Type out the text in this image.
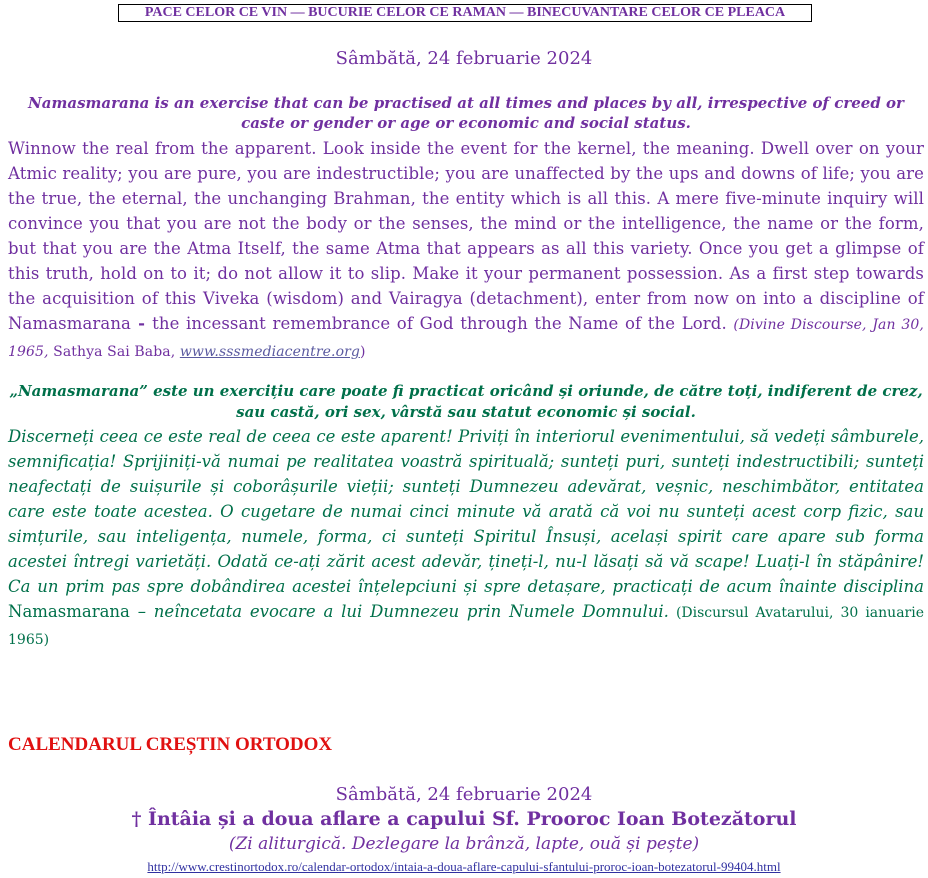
PACE CELOR CE VIN — BUCURIE CELOR CE RAMAN — BINECUVANTARE CELOR CE PLEACA
Sâmbătă, 24 februarie 2024
Namasmarana is an exercise that can be practised at all times and places by all, irrespective of creed or caste or gender or age or economic and social status.
Winnow the real from the apparent. Look inside the event for the kernel, the meaning. Dwell over on your Atmic reality; you are pure, you are indestructible; you are unaffected by the ups and downs of life; you are the true, the eternal, the unchanging Brahman, the entity which is all this. A mere five-minute inquiry will convince you that you are not the body or the senses, the mind or the intelligence, the name or the form, but that you are the Atma Itself, the same Atma that appears as all this variety. Once you get a glimpse of this truth, hold on to it; do not allow it to slip. Make it your permanent possession. As a first step towards the acquisition of this Viveka (wisdom) and Vairagya (detachment), enter from now on into a discipline of Namasmarana - the incessant remembrance of God through the Name of the Lord. (Divine Discourse, Jan 30, 1965, Sathya Sai Baba, www.sssmediacentre.org)
„Namasmarana” este un exercițiu care poate fi practicat oricând și oriunde, de către toți, indiferent de crez, sau castă, ori sex, vârstă sau statut economic și social.
Discerneți ceea ce este real de ceea ce este aparent! Priviți în interiorul evenimentului, să vedeți sâmburele, semnificația! Sprijiniți-vă numai pe realitatea voastră spirituală; sunteți puri, sunteți indestructibili; sunteți neafectați de suișurile și coborâșurile vieții; sunteți Dumnezeu adevărat, veșnic, neschimbător, entitatea care este toate acestea. O cugetare de numai cinci minute vă arată că voi nu sunteți acest corp fizic, sau simțurile, sau inteligența, numele, forma, ci sunteți Spiritul Însuși, același spirit care apare sub forma acestei întregi varietăți. Odată ce-ați zărit acest adevăr, țineți-l, nu-l lăsați să vă scape! Luați-l în stăpânire! Ca un prim pas spre dobândirea acestei înțelepciuni și spre detașare, practicați de acum înainte disciplina Namasmarana – neîncetata evocare a lui Dumnezeu prin Numele Domnului. (Discursul Avatarului, 30 ianuarie 1965)
CALENDARUL CREȘTIN ORTODOX
Sâmbătă, 24 februarie 2024
† Întâia și a doua aflare a capului Sf. Prooroc Ioan Botezătorul
(Zi aliturgică. Dezlegare la brânză, lapte, ouă și pește)
http://www.crestinortodox.ro/calendar-ortodox/intaia-a-doua-aflare-capului-sfantului-proroc-ioan-botezatorul-99404.html
